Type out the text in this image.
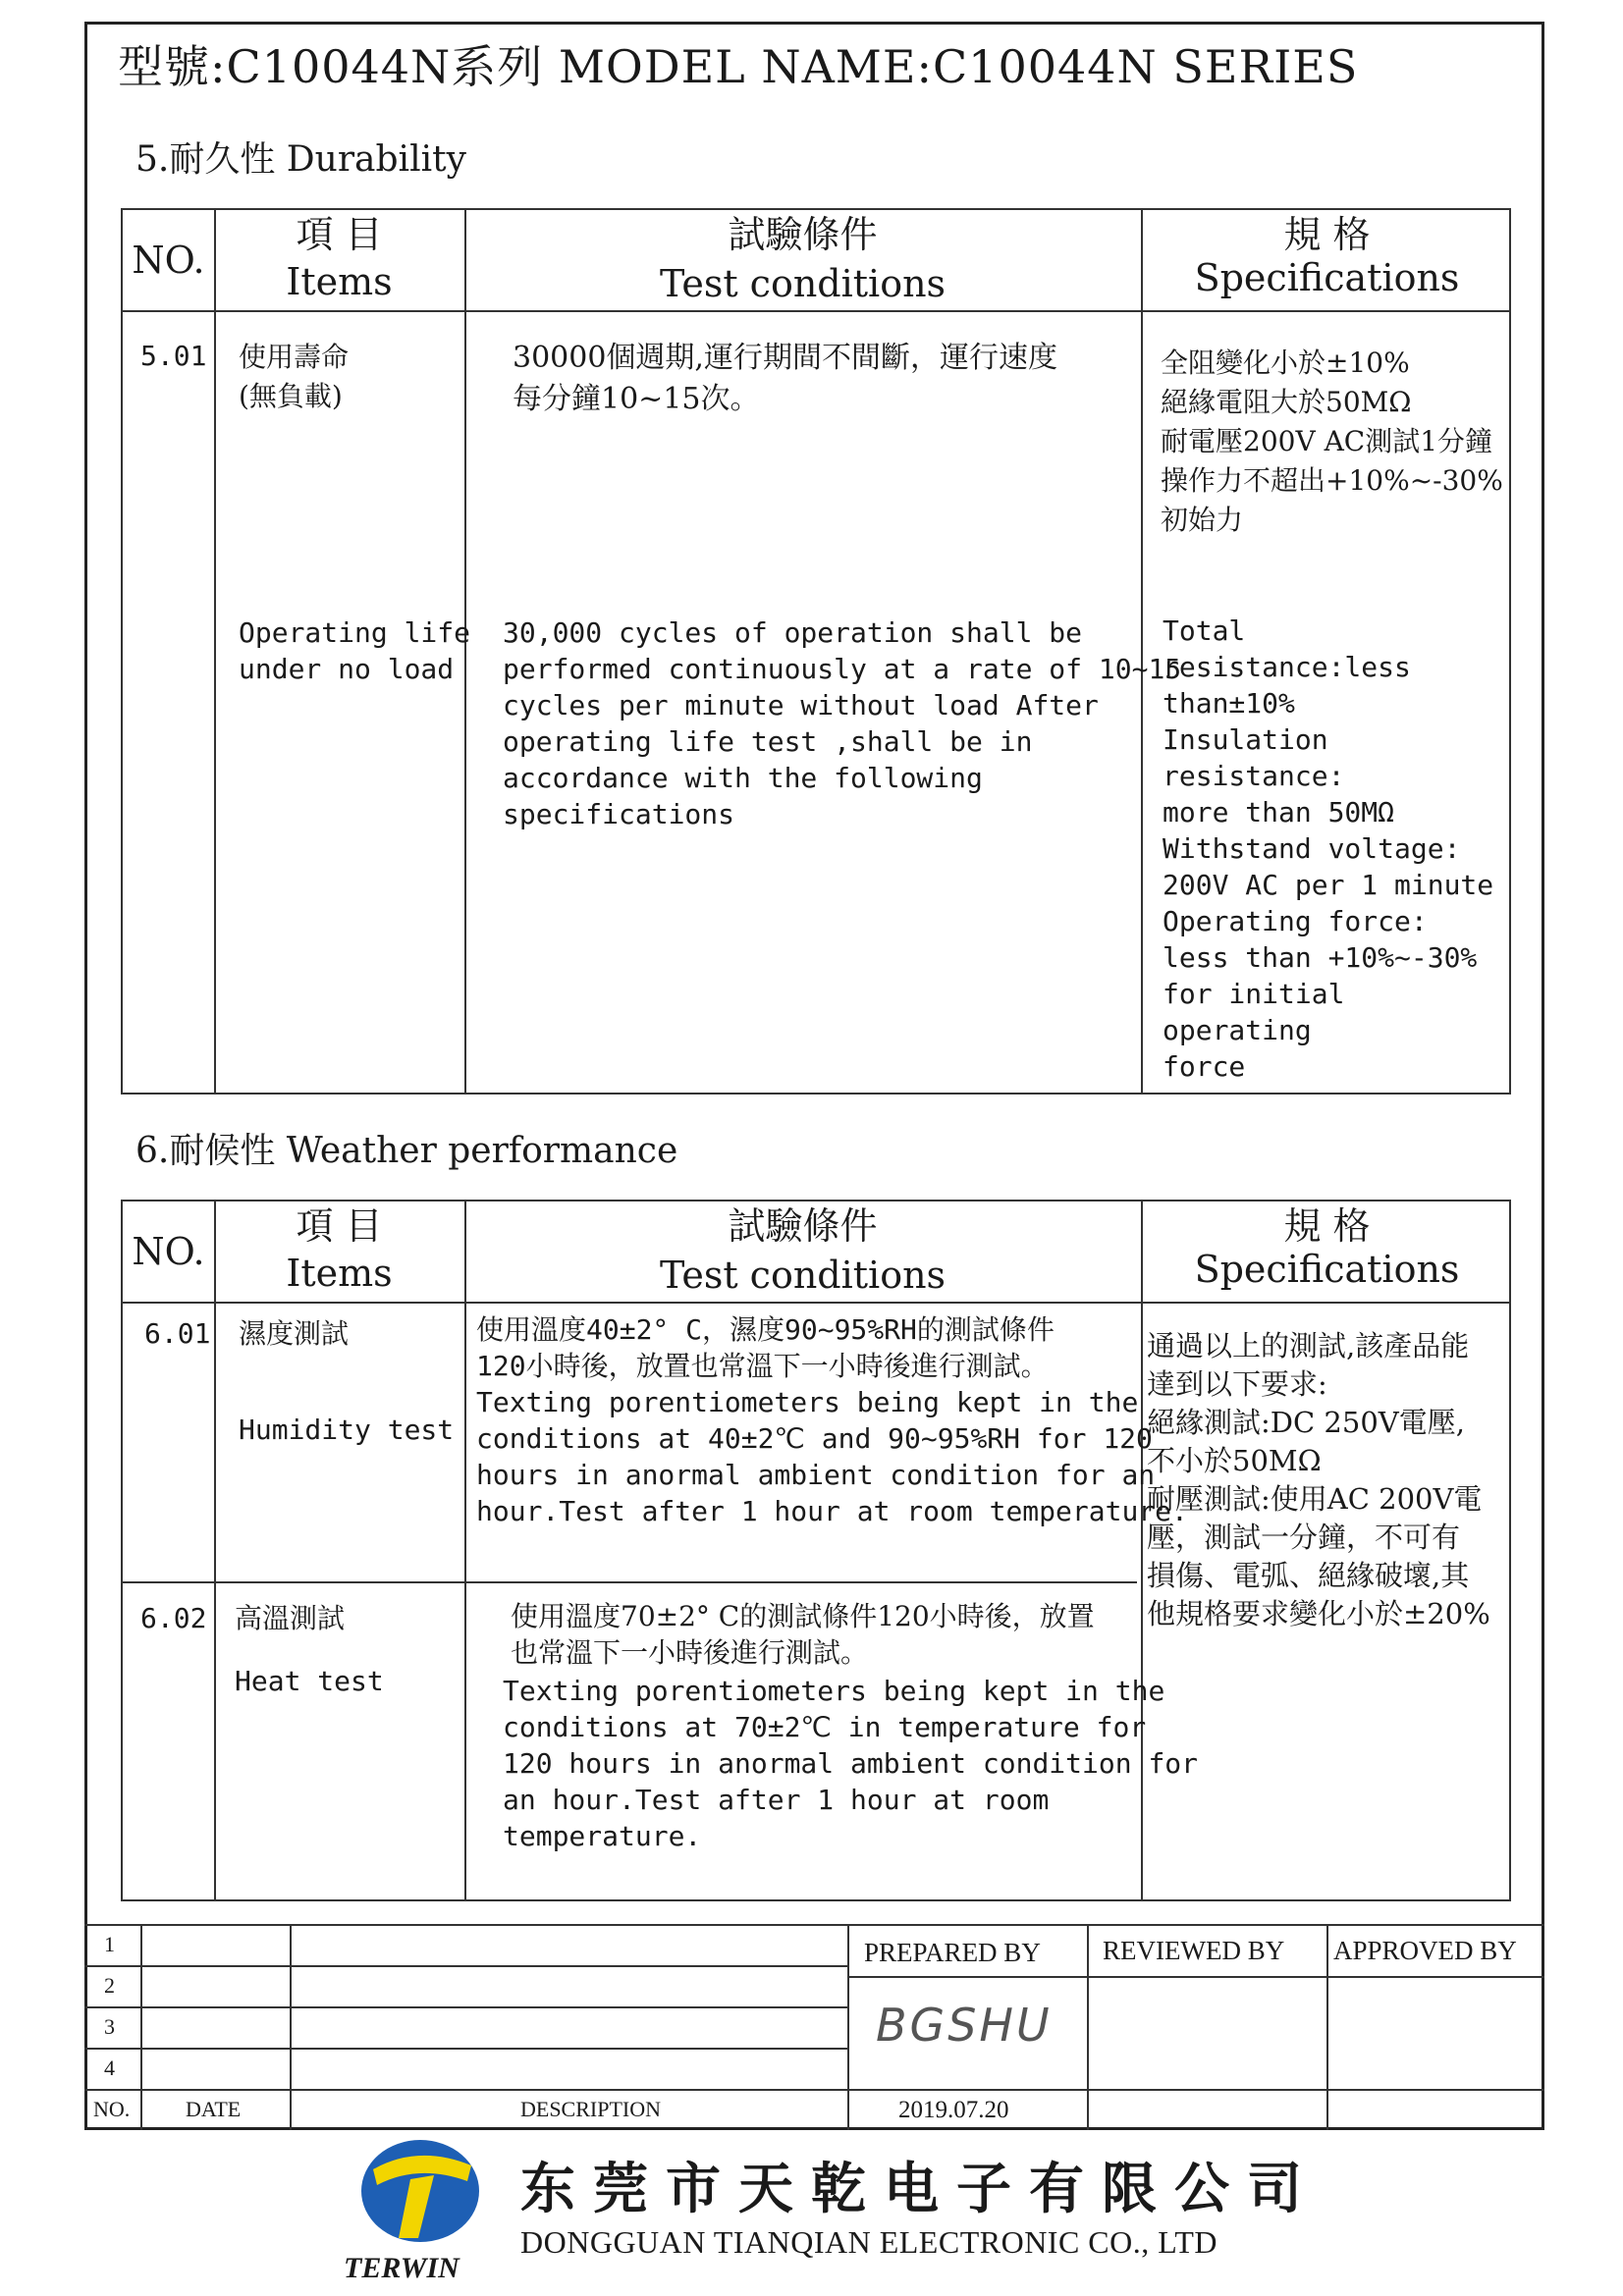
型號:C10044N系列 MODEL NAME:C10044N SERIES
5.耐久性 Durability
NO.
項 目
Items
試驗條件
Test conditions
規 格
Specifications
5.01 使用壽命
(無負載)
30000個週期,運行期間不間斷，運行速度
每分鐘10~15次。
全阻變化小於±10%
絕緣電阻大於50MΩ
耐電壓200V AC測試1分鐘
操作力不超出+10%~-30%
初始力
Operating life
under no load
30,000 cycles of operation shall be
performed continuously at a rate of 10~15
cycles per minute without load After
operating life test ,shall be in
accordance with the following
specifications
Total resistance:less
than±10%
Insulation resistance:
more than 50MΩ
Withstand voltage:
200V AC per 1 minute
Operating force:
less than +10%~-30%
for initial operating
force
6.耐候性 Weather performance
NO.
項 目
Items
試驗條件
Test conditions
規 格
Specifications
6.01 濕度測試
Humidity test
使用溫度40±2° C，濕度90~95%RH的測試條件
120小時後，放置也常溫下一小時後進行測試。
Texting porentiometers being kept in the
conditions at 40±2℃ and 90~95%RH for 120
hours in anormal ambient condition for an
hour.Test after 1 hour at room temperature.
6.02 高溫測試
Heat test
使用溫度70±2° C的測試條件120小時後，放置
也常溫下一小時後進行測試。
Texting porentiometers being kept in the
conditions at 70±2℃ in temperature for
120 hours in anormal ambient condition for
an hour.Test after 1 hour at room
temperature.
通過以上的測試,該產品能
達到以下要求:
絕緣測試:DC 250V電壓,
不小於50MΩ
耐壓測試:使用AC 200V電
壓，測試一分鐘，不可有
損傷、電弧、絕緣破壞,其
他規格要求變化小於±20%
1
2
3
4
NO.	DATE	DESCRIPTION
PREPARED BY REVIEWED BY APPROVED BY
BGSHU
2019.07.20
TERWIN
东莞市天乾电子有限公司
DONGGUAN TIANQIAN ELECTRONIC CO., LTD
